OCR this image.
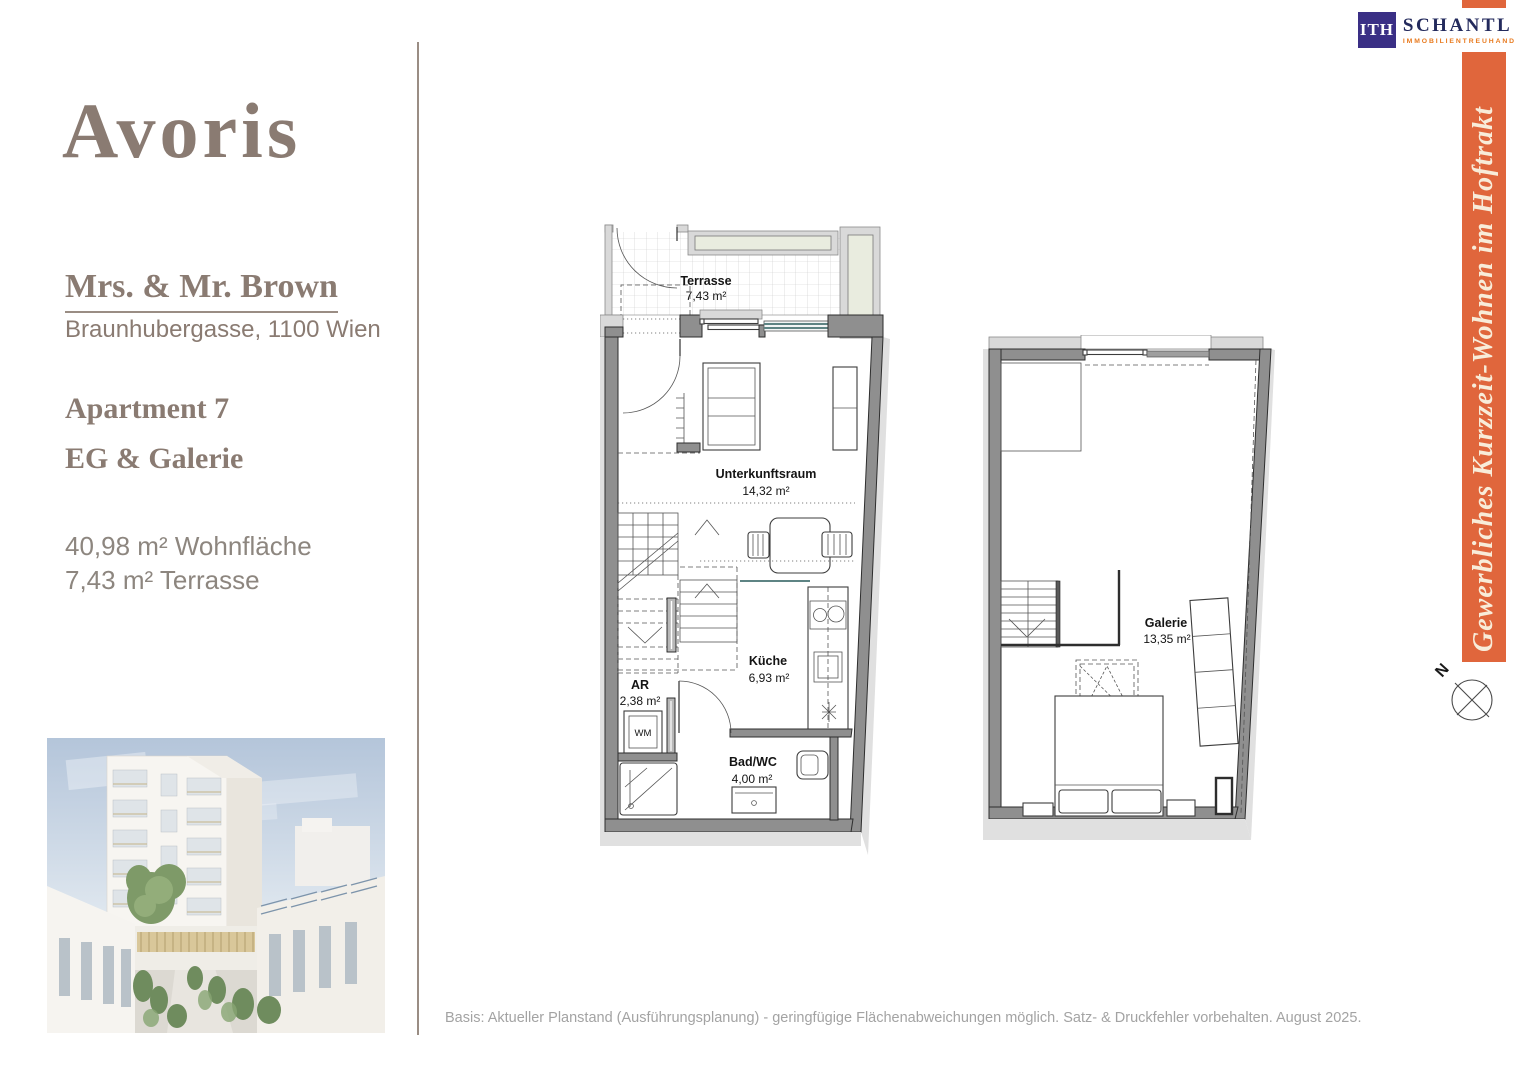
Avoris
Mrs. & Mr. Brown
Braunhubergasse, 1100 Wien
Apartment 7
EG & Galerie
40,98 m² Wohnfläche
7,43 m² Terrasse
Terrasse
7,43 m²
Unterkunftsraum
14,32 m²
Küche
6,93 m²
AR
2,38 m²
WM
Bad/WC
4,00 m²
Galerie
13,35 m²	Gewerbliches Kurzzeit-Wohnen im Hoftrakt
ITH SCHANTL
IMMOBILIENTREUHAND
N
Basis: Aktueller Planstand (Ausführungsplanung) - geringfügige Flächenabweichungen möglich. Satz- & Druckfehler vorbehalten. August 2025.
